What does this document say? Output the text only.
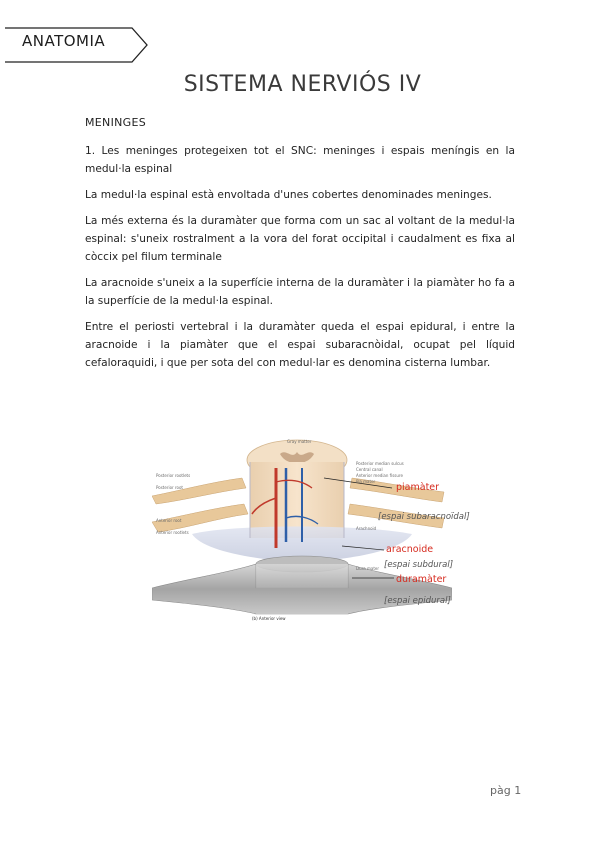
ANATOMIA
SISTEMA NERVIÓS IV
MENINGES

1. Les meninges protegeixen tot el SNC: meninges i espais meníngis en la medul·la espinal

La medul·la espinal està envoltada d'unes cobertes denominades meninges.

La més externa és la duramàter que forma com un sac al voltant de la medul·la espinal: s'uneix rostralment a la vora del forat occipital i caudalment es fixa al còccix pel filum terminale

La aracnoide s'uneix a la superfície interna de la duramàter i la piamàter ho fa a la superfície de la medul·la espinal.

Entre el periosti vertebral i la duramàter queda el espai epidural, i entre la aracnoide i la piamàter que el espai subaracnòidal, ocupat pel líquid cefaloraquidi, i que per sota del con medul·lar es denomina cisterna lumbar.

Gray matter
Posterior median sulcus
Central canal
Anterior median fissure
Pia mater
Posterior rootlets
Posterior root
Anterior root
Anterior rootlets
Arachnoid
Dura mater
(b) Anterior view
piamàter
[espai subaracnoïdal]
aracnoide
[espai subdural]
duramàter
[espai epidural]
pàg 1
